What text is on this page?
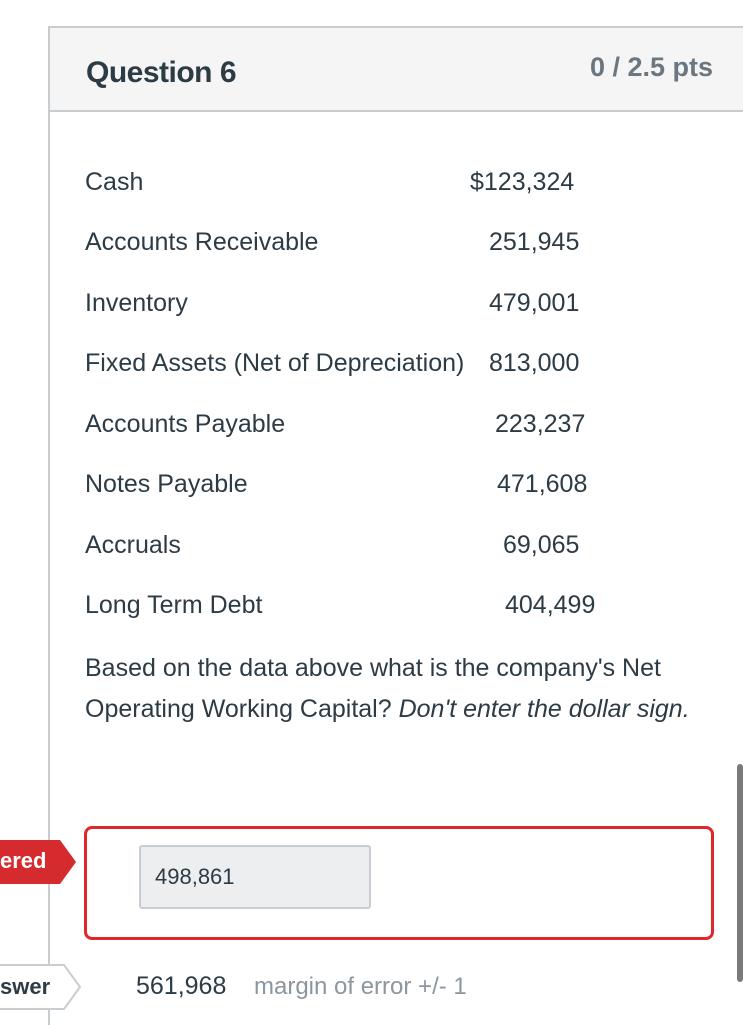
Question 6	0 / 2.5 pts
Cash	$123,324
Accounts Receivable	251,945
Inventory	479,001
Fixed Assets (Net of Depreciation) 813,000
Accounts Payable	223,237
Notes Payable	471,608
Accruals	69,065
Long Term Debt	404,499
Based on the data above what is the company's Net Operating Working Capital? Don't enter the dollar sign.
ered
498,861
swer	561,968 margin of error +/- 1
